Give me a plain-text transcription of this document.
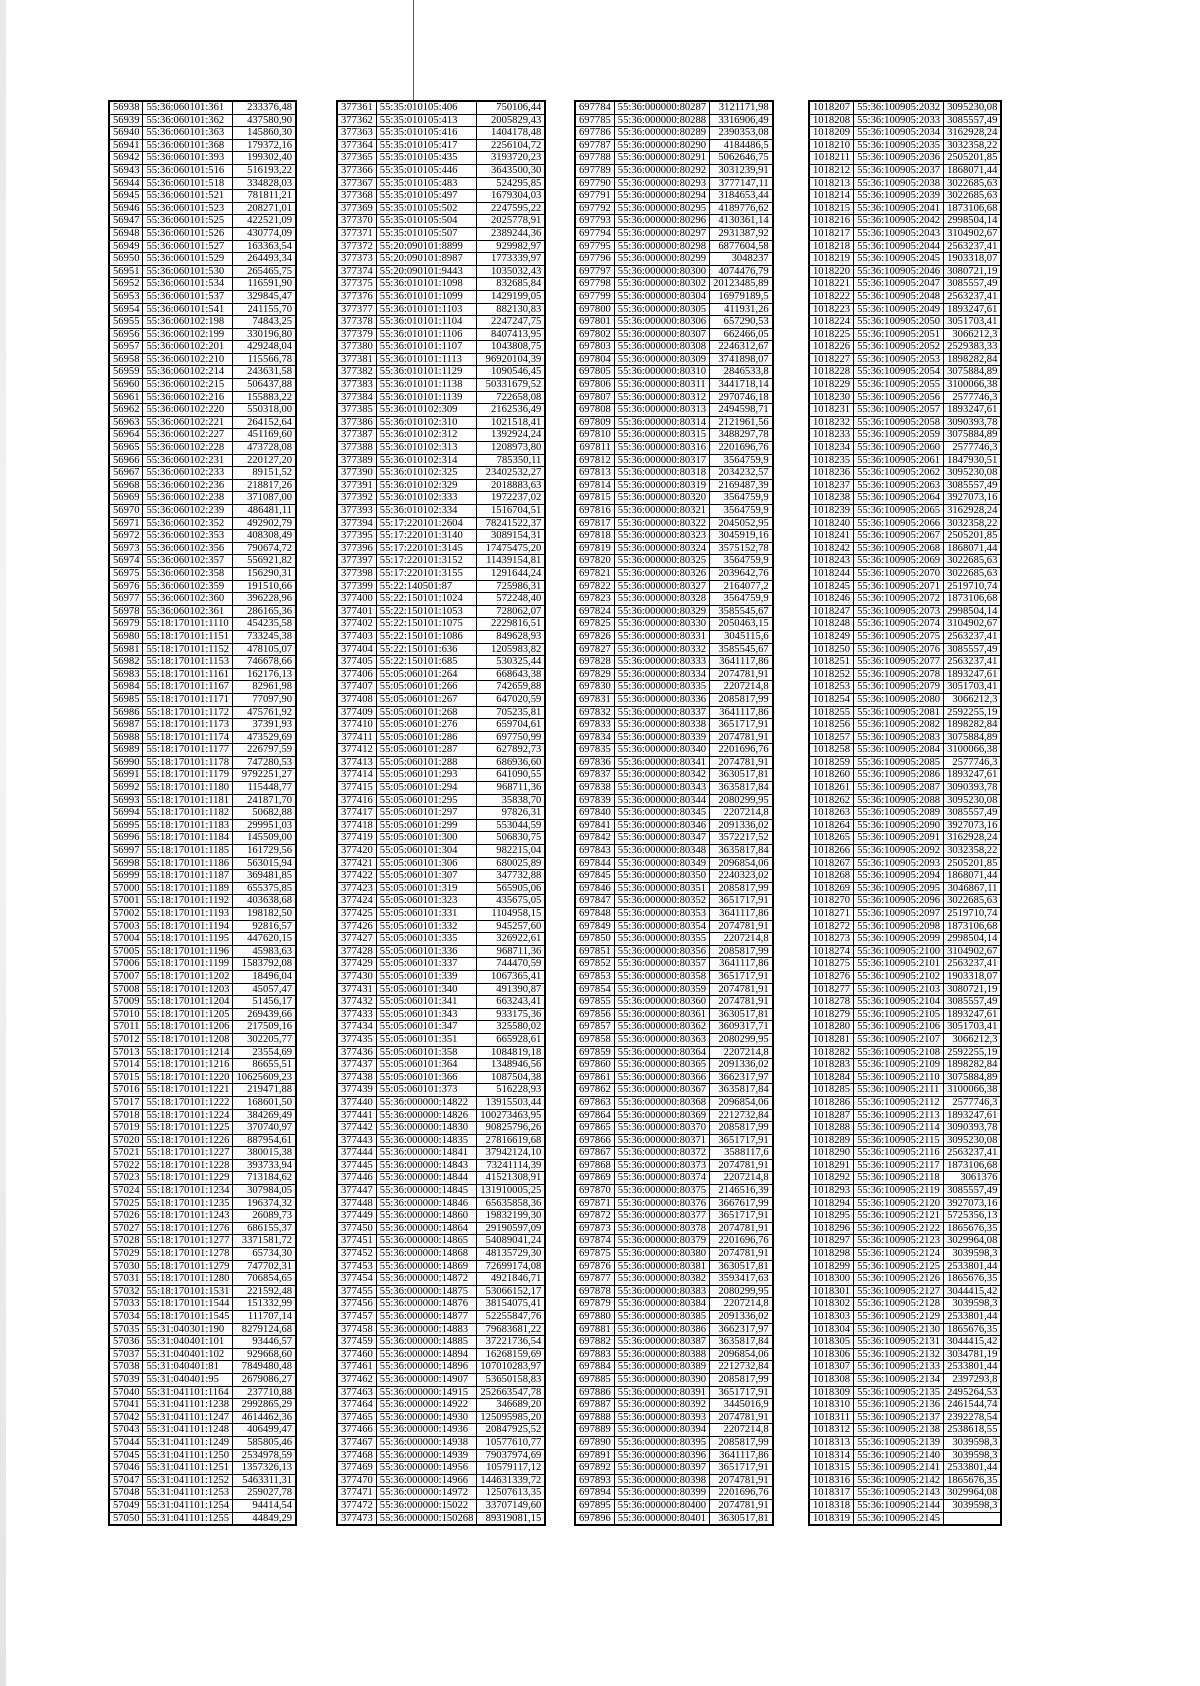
56938	55:36:060101:361	233376,48
56939	55:36:060101:362	437580,90
56940	55:36:060101:363	145860,30
56941	55:36:060101:368	179372,16
56942	55:36:060101:393	199302,40
56943	55:36:060101:516	516193,22
56944	55:36:060101:518	334828,03
56945	55:36:060101:521	781811,21
56946	55:36:060101:523	208271,01
56947	55:36:060101:525	422521,09
56948	55:36:060101:526	430774,09
56949	55:36:060101:527	163363,54
56950	55:36:060101:529	264493,34
56951	55:36:060101:530	265465,75
56952	55:36:060101:534	116591,90
56953	55:36:060101:537	329845,47
56954	55:36:060101:541	241155,70
56955	55:36:060102:198	74843,25
56956	55:36:060102:199	330196,80
56957	55:36:060102:201	429248,04
56958	55:36:060102:210	115566,78
56959	55:36:060102:214	243631,58
56960	55:36:060102:215	506437,88
56961	55:36:060102:216	155883,22
56962	55:36:060102:220	550318,00
56963	55:36:060102:221	264152,64
56964	55:36:060102:227	451169,60
56965	55:36:060102:228	473728,08
56966	55:36:060102:231	220127,20
56967	55:36:060102:233	89151,52
56968	55:36:060102:236	218817,26
56969	55:36:060102:238	371087,00
56970	55:36:060102:239	486481,11
56971	55:36:060102:352	492902,79
56972	55:36:060102:353	408308,49
56973	55:36:060102:356	790674,72
56974	55:36:060102:357	556921,82
56975	55:36:060102:358	156290,31
56976	55:36:060102:359	191510,66
56977	55:36:060102:360	396228,96
56978	55:36:060102:361	286165,36
56979	55:18:170101:1110	454235,58
56980	55:18:170101:1151	733245,38
56981	55:18:170101:1152	478105,07
56982	55:18:170101:1153	746678,66
56983	55:18:170101:1161	162176,13
56984	55:18:170101:1167	82961,98
56985	55:18:170101:1171	77097,90
56986	55:18:170101:1172	475761,92
56987	55:18:170101:1173	37391,93
56988	55:18:170101:1174	473529,69
56989	55:18:170101:1177	226797,59
56990	55:18:170101:1178	747280,53
56991	55:18:170101:1179	9792251,27
56992	55:18:170101:1180	115448,77
56993	55:18:170101:1181	241871,70
56994	55:18:170101:1182	50682,88
56995	55:18:170101:1183	299951,03
56996	55:18:170101:1184	145509,00
56997	55:18:170101:1185	161729,56
56998	55:18:170101:1186	563015,94
56999	55:18:170101:1187	369481,85
57000	55:18:170101:1189	655375,85
57001	55:18:170101:1192	403638,68
57002	55:18:170101:1193	198182,50
57003	55:18:170101:1194	92816,57
57004	55:18:170101:1195	447620,15
57005	55:18:170101:1196	45983,63
57006	55:18:170101:1199	1583792,08
57007	55:18:170101:1202	18496,04
57008	55:18:170101:1203	45057,47
57009	55:18:170101:1204	51456,17
57010	55:18:170101:1205	269439,66
57011	55:18:170101:1206	217509,16
57012	55:18:170101:1208	302205,77
57013	55:18:170101:1214	23554,69
57014	55:18:170101:1216	86655,51
57015	55:18:170101:1220	10625609,23
57016	55:18:170101:1221	219471,88
57017	55:18:170101:1222	168601,50
57018	55:18:170101:1224	384269,49
57019	55:18:170101:1225	370740,97
57020	55:18:170101:1226	887954,61
57021	55:18:170101:1227	380015,38
57022	55:18:170101:1228	393733,94
57023	55:18:170101:1229	713184,62
57024	55:18:170101:1234	307984,05
57025	55:18:170101:1235	196374,32
57026	55:18:170101:1243	26089,73
57027	55:18:170101:1276	686155,37
57028	55:18:170101:1277	3371581,72
57029	55:18:170101:1278	65734,30
57030	55:18:170101:1279	747702,31
57031	55:18:170101:1280	706854,65
57032	55:18:170101:1531	221592,48
57033	55:18:170101:1544	151332,99
57034	55:18:170101:1545	111707,14
57035	55:31:040301:190	8279124,68
57036	55:31:040401:101	93446,57
57037	55:31:040401:102	929668,60
57038	55:31:040401:81	7849480,48
57039	55:31:040401:95	2679086,27
57040	55:31:041101:1164	237710,88
57041	55:31:041101:1238	2992865,29
57042	55:31:041101:1247	4614462,36
57043	55:31:041101:1248	406499,47
57044	55:31:041101:1249	585805,46
57045	55:31:041101:1250	2534978,59
57046	55:31:041101:1251	1357326,13
57047	55:31:041101:1252	5463311,31
57048	55:31:041101:1253	259027,78
57049	55:31:041101:1254	94414,54
57050	55:31:041101:1255	44849,29
377361	55:35:010105:406	750106,44
377362	55:35:010105:413	2005829,43
377363	55:35:010105:416	1404178,48
377364	55:35:010105:417	2256104,72
377365	55:35:010105:435	3193720,23
377366	55:35:010105:446	3643500,30
377367	55:35:010105:483	524295,85
377368	55:35:010105:497	1679304,03
377369	55:35:010105:502	2247595,22
377370	55:35:010105:504	2025778,91
377371	55:35:010105:507	2389244,36
377372	55:20:090101:8899	929982,97
377373	55:20:090101:8987	1773339,97
377374	55:20:090101:9443	1035032,43
377375	55:36:010101:1098	832685,84
377376	55:36:010101:1099	1429199,05
377377	55:36:010101:1103	882130,83
377378	55:36:010101:1104	2247247,75
377379	55:36:010101:1106	8407413,95
377380	55:36:010101:1107	1043808,75
377381	55:36:010101:1113	96920104,39
377382	55:36:010101:1129	1090546,45
377383	55:36:010101:1138	50331679,52
377384	55:36:010101:1139	722658,08
377385	55:36:010102:309	2162536,49
377386	55:36:010102:310	1021518,41
377387	55:36:010102:312	1392924,24
377388	55:36:010102:313	1208973,80
377389	55:36:010102:314	785350,11
377390	55:36:010102:325	23402532,27
377391	55:36:010102:329	2018883,63
377392	55:36:010102:333	1972237,02
377393	55:36:010102:334	1516704,51
377394	55:17:220101:2604	78241522,37
377395	55:17:220101:3140	3089154,31
377396	55:17:220101:3145	17475475,20
377397	55:17:220101:3152	11439154,81
377398	55:17:220101:3155	1291644,24
377399	55:22:140501:87	725986,31
377400	55:22:150101:1024	572248,40
377401	55:22:150101:1053	728062,07
377402	55:22:150101:1075	2229816,51
377403	55:22:150101:1086	849628,93
377404	55:22:150101:636	1205983,82
377405	55:22:150101:685	530325,44
377406	55:05:060101:264	668643,38
377407	55:05:060101:266	742659,88
377408	55:05:060101:267	647020,59
377409	55:05:060101:268	705235,81
377410	55:05:060101:276	659704,61
377411	55:05:060101:286	697750,99
377412	55:05:060101:287	627892,73
377413	55:05:060101:288	686936,60
377414	55:05:060101:293	641090,55
377415	55:05:060101:294	968711,36
377416	55:05:060101:295	35838,70
377417	55:05:060101:297	97826,31
377418	55:05:060101:299	553044,59
377419	55:05:060101:300	506830,75
377420	55:05:060101:304	982215,04
377421	55:05:060101:306	680025,89
377422	55:05:060101:307	347732,88
377423	55:05:060101:319	565905,06
377424	55:05:060101:323	435675,05
377425	55:05:060101:331	1104958,15
377426	55:05:060101:332	945257,60
377427	55:05:060101:335	326922,61
377428	55:05:060101:336	968711,36
377429	55:05:060101:337	744470,59
377430	55:05:060101:339	1067365,41
377431	55:05:060101:340	491390,87
377432	55:05:060101:341	663243,41
377433	55:05:060101:343	933175,36
377434	55:05:060101:347	325580,02
377435	55:05:060101:351	665928,61
377436	55:05:060101:358	1084819,18
377437	55:05:060101:364	1348946,56
377438	55:05:060101:366	1087504,38
377439	55:05:060101:373	516228,93
377440	55:36:000000:14822	13915503,44
377441	55:36:000000:14826	100273463,95
377442	55:36:000000:14830	90825796,26
377443	55:36:000000:14835	27816619,68
377444	55:36:000000:14841	37942124,10
377445	55:36:000000:14843	73241114,39
377446	55:36:000000:14844	41521308,91
377447	55:36:000000:14845	131910005,25
377448	55:36:000000:14846	65635858,36
377449	55:36:000000:14860	19832199,30
377450	55:36:000000:14864	29190597,09
377451	55:36:000000:14865	54089041,24
377452	55:36:000000:14868	48135729,30
377453	55:36:000000:14869	72699174,08
377454	55:36:000000:14872	4921846,71
377455	55:36:000000:14875	53066152,17
377456	55:36:000000:14876	38154075,41
377457	55:36:000000:14877	52255847,76
377458	55:36:000000:14883	79683681,22
377459	55:36:000000:14885	37221736,54
377460	55:36:000000:14894	16268159,69
377461	55:36:000000:14896	107010283,97
377462	55:36:000000:14907	53650158,83
377463	55:36:000000:14915	252663547,78
377464	55:36:000000:14922	346689,20
377465	55:36:000000:14930	125095985,20
377466	55:36:000000:14936	20847925,52
377467	55:36:000000:14938	10577610,77
377468	55:36:000000:14939	79037974,69
377469	55:36:000000:14956	10579117,12
377470	55:36:000000:14966	144631339,72
377471	55:36:000000:14972	12507613,35
377472	55:36:000000:15022	33707149,60
377473	55:36:000000:150268	89319081,15
697784	55:36:000000:80287	3121171,98
697785	55:36:000000:80288	3316906,49
697786	55:36:000000:80289	2390353,08
697787	55:36:000000:80290	4184486,5
697788	55:36:000000:80291	5062646,75
697789	55:36:000000:80292	3031239,91
697790	55:36:000000:80293	3777147,11
697791	55:36:000000:80294	3184653,44
697792	55:36:000000:80295	4189776,62
697793	55:36:000000:80296	4130361,14
697794	55:36:000000:80297	2931387,92
697795	55:36:000000:80298	6877604,58
697796	55:36:000000:80299	3048237
697797	55:36:000000:80300	4074476,79
697798	55:36:000000:80302	20123485,89
697799	55:36:000000:80304	16979189,5
697800	55:36:000000:80305	411931,26
697801	55:36:000000:80306	657290,53
697802	55:36:000000:80307	662466,05
697803	55:36:000000:80308	2246312,67
697804	55:36:000000:80309	3741898,07
697805	55:36:000000:80310	2846533,8
697806	55:36:000000:80311	3441718,14
697807	55:36:000000:80312	2970746,18
697808	55:36:000000:80313	2494598,71
697809	55:36:000000:80314	2121961,56
697810	55:36:000000:80315	3488297,78
697811	55:36:000000:80316	2201696,76
697812	55:36:000000:80317	3564759,9
697813	55:36:000000:80318	2034232,57
697814	55:36:000000:80319	2169487,39
697815	55:36:000000:80320	3564759,9
697816	55:36:000000:80321	3564759,9
697817	55:36:000000:80322	2045052,95
697818	55:36:000000:80323	3045919,16
697819	55:36:000000:80324	3575152,78
697820	55:36:000000:80325	3564759,9
697821	55:36:000000:80326	2039642,76
697822	55:36:000000:80327	2164077,2
697823	55:36:000000:80328	3564759,9
697824	55:36:000000:80329	3585545,67
697825	55:36:000000:80330	2050463,15
697826	55:36:000000:80331	3045115,6
697827	55:36:000000:80332	3585545,67
697828	55:36:000000:80333	3641117,86
697829	55:36:000000:80334	2074781,91
697830	55:36:000000:80335	2207214,8
697831	55:36:000000:80336	2085817,99
697832	55:36:000000:80337	3641117,86
697833	55:36:000000:80338	3651717,91
697834	55:36:000000:80339	2074781,91
697835	55:36:000000:80340	2201696,76
697836	55:36:000000:80341	2074781,91
697837	55:36:000000:80342	3630517,81
697838	55:36:000000:80343	3635817,84
697839	55:36:000000:80344	2080299,95
697840	55:36:000000:80345	2207214,8
697841	55:36:000000:80346	2091336,02
697842	55:36:000000:80347	3572217,52
697843	55:36:000000:80348	3635817,84
697844	55:36:000000:80349	2096854,06
697845	55:36:000000:80350	2240323,02
697846	55:36:000000:80351	2085817,99
697847	55:36:000000:80352	3651717,91
697848	55:36:000000:80353	3641117,86
697849	55:36:000000:80354	2074781,91
697850	55:36:000000:80355	2207214,8
697851	55:36:000000:80356	2085817,99
697852	55:36:000000:80357	3641117,86
697853	55:36:000000:80358	3651717,91
697854	55:36:000000:80359	2074781,91
697855	55:36:000000:80360	2074781,91
697856	55:36:000000:80361	3630517,81
697857	55:36:000000:80362	3609317,71
697858	55:36:000000:80363	2080299,95
697859	55:36:000000:80364	2207214,8
697860	55:36:000000:80365	2091336,02
697861	55:36:000000:80366	3662317,97
697862	55:36:000000:80367	3635817,84
697863	55:36:000000:80368	2096854,06
697864	55:36:000000:80369	2212732,84
697865	55:36:000000:80370	2085817,99
697866	55:36:000000:80371	3651717,91
697867	55:36:000000:80372	3588117,6
697868	55:36:000000:80373	2074781,91
697869	55:36:000000:80374	2207214,8
697870	55:36:000000:80375	2146516,39
697871	55:36:000000:80376	3667617,99
697872	55:36:000000:80377	3651717,91
697873	55:36:000000:80378	2074781,91
697874	55:36:000000:80379	2201696,76
697875	55:36:000000:80380	2074781,91
697876	55:36:000000:80381	3630517,81
697877	55:36:000000:80382	3593417,63
697878	55:36:000000:80383	2080299,95
697879	55:36:000000:80384	2207214,8
697880	55:36:000000:80385	2091336,02
697881	55:36:000000:80386	3662317,97
697882	55:36:000000:80387	3635817,84
697883	55:36:000000:80388	2096854,06
697884	55:36:000000:80389	2212732,84
697885	55:36:000000:80390	2085817,99
697886	55:36:000000:80391	3651717,91
697887	55:36:000000:80392	3445016,9
697888	55:36:000000:80393	2074781,91
697889	55:36:000000:80394	2207214,8
697890	55:36:000000:80395	2085817,99
697891	55:36:000000:80396	3641117,86
697892	55:36:000000:80397	3651717,91
697893	55:36:000000:80398	2074781,91
697894	55:36:000000:80399	2201696,76
697895	55:36:000000:80400	2074781,91
697896	55:36:000000:80401	3630517,81
1018207	55:36:100905:2032	3095230,08
1018208	55:36:100905:2033	3085557,49
1018209	55:36:100905:2034	3162928,24
1018210	55:36:100905:2035	3032358,22
1018211	55:36:100905:2036	2505201,85
1018212	55:36:100905:2037	1868071,44
1018213	55:36:100905:2038	3022685,63
1018214	55:36:100905:2039	3022685,63
1018215	55:36:100905:2041	1873106,68
1018216	55:36:100905:2042	2998504,14
1018217	55:36:100905:2043	3104902,67
1018218	55:36:100905:2044	2563237,41
1018219	55:36:100905:2045	1903318,07
1018220	55:36:100905:2046	3080721,19
1018221	55:36:100905:2047	3085557,49
1018222	55:36:100905:2048	2563237,41
1018223	55:36:100905:2049	1893247,61
1018224	55:36:100905:2050	3051703,41
1018225	55:36:100905:2051	3066212,3
1018226	55:36:100905:2052	2529383,33
1018227	55:36:100905:2053	1898282,84
1018228	55:36:100905:2054	3075884,89
1018229	55:36:100905:2055	3100066,38
1018230	55:36:100905:2056	2577746,3
1018231	55:36:100905:2057	1893247,61
1018232	55:36:100905:2058	3090393,78
1018233	55:36:100905:2059	3075884,89
1018234	55:36:100905:2060	2577746,3
1018235	55:36:100905:2061	1847930,51
1018236	55:36:100905:2062	3095230,08
1018237	55:36:100905:2063	3085557,49
1018238	55:36:100905:2064	3927073,16
1018239	55:36:100905:2065	3162928,24
1018240	55:36:100905:2066	3032358,22
1018241	55:36:100905:2067	2505201,85
1018242	55:36:100905:2068	1868071,44
1018243	55:36:100905:2069	3022685,63
1018244	55:36:100905:2070	3022685,63
1018245	55:36:100905:2071	2519710,74
1018246	55:36:100905:2072	1873106,68
1018247	55:36:100905:2073	2998504,14
1018248	55:36:100905:2074	3104902,67
1018249	55:36:100905:2075	2563237,41
1018250	55:36:100905:2076	3085557,49
1018251	55:36:100905:2077	2563237,41
1018252	55:36:100905:2078	1893247,61
1018253	55:36:100905:2079	3051703,41
1018254	55:36:100905:2080	3066212,3
1018255	55:36:100905:2081	2592255,19
1018256	55:36:100905:2082	1898282,84
1018257	55:36:100905:2083	3075884,89
1018258	55:36:100905:2084	3100066,38
1018259	55:36:100905:2085	2577746,3
1018260	55:36:100905:2086	1893247,61
1018261	55:36:100905:2087	3090393,78
1018262	55:36:100905:2088	3095230,08
1018263	55:36:100905:2089	3085557,49
1018264	55:36:100905:2090	3927073,16
1018265	55:36:100905:2091	3162928,24
1018266	55:36:100905:2092	3032358,22
1018267	55:36:100905:2093	2505201,85
1018268	55:36:100905:2094	1868071,44
1018269	55:36:100905:2095	3046867,11
1018270	55:36:100905:2096	3022685,63
1018271	55:36:100905:2097	2519710,74
1018272	55:36:100905:2098	1873106,68
1018273	55:36:100905:2099	2998504,14
1018274	55:36:100905:2100	3104902,67
1018275	55:36:100905:2101	2563237,41
1018276	55:36:100905:2102	1903318,07
1018277	55:36:100905:2103	3080721,19
1018278	55:36:100905:2104	3085557,49
1018279	55:36:100905:2105	1893247,61
1018280	55:36:100905:2106	3051703,41
1018281	55:36:100905:2107	3066212,3
1018282	55:36:100905:2108	2592255,19
1018283	55:36:100905:2109	1898282,84
1018284	55:36:100905:2110	3075884,89
1018285	55:36:100905:2111	3100066,38
1018286	55:36:100905:2112	2577746,3
1018287	55:36:100905:2113	1893247,61
1018288	55:36:100905:2114	3090393,78
1018289	55:36:100905:2115	3095230,08
1018290	55:36:100905:2116	2563237,41
1018291	55:36:100905:2117	1873106,68
1018292	55:36:100905:2118	3061376
1018293	55:36:100905:2119	3085557,49
1018294	55:36:100905:2120	3927073,16
1018295	55:36:100905:2121	5725356,13
1018296	55:36:100905:2122	1865676,35
1018297	55:36:100905:2123	3029964,08
1018298	55:36:100905:2124	3039598,3
1018299	55:36:100905:2125	2533801,44
1018300	55:36:100905:2126	1865676,35
1018301	55:36:100905:2127	3044415,42
1018302	55:36:100905:2128	3039598,3
1018303	55:36:100905:2129	2533801,44
1018304	55:36:100905:2130	1865676,35
1018305	55:36:100905:2131	3044415,42
1018306	55:36:100905:2132	3034781,19
1018307	55:36:100905:2133	2533801,44
1018308	55:36:100905:2134	2397293,8
1018309	55:36:100905:2135	2495264,53
1018310	55:36:100905:2136	2461544,74
1018311	55:36:100905:2137	2392278,54
1018312	55:36:100905:2138	2538618,55
1018313	55:36:100905:2139	3039598,3
1018314	55:36:100905:2140	3039598,3
1018315	55:36:100905:2141	2533801,44
1018316	55:36:100905:2142	1865676,35
1018317	55:36:100905:2143	3029964,08
1018318	55:36:100905:2144	3039598,3
1018319	55:36:100905:2145	
